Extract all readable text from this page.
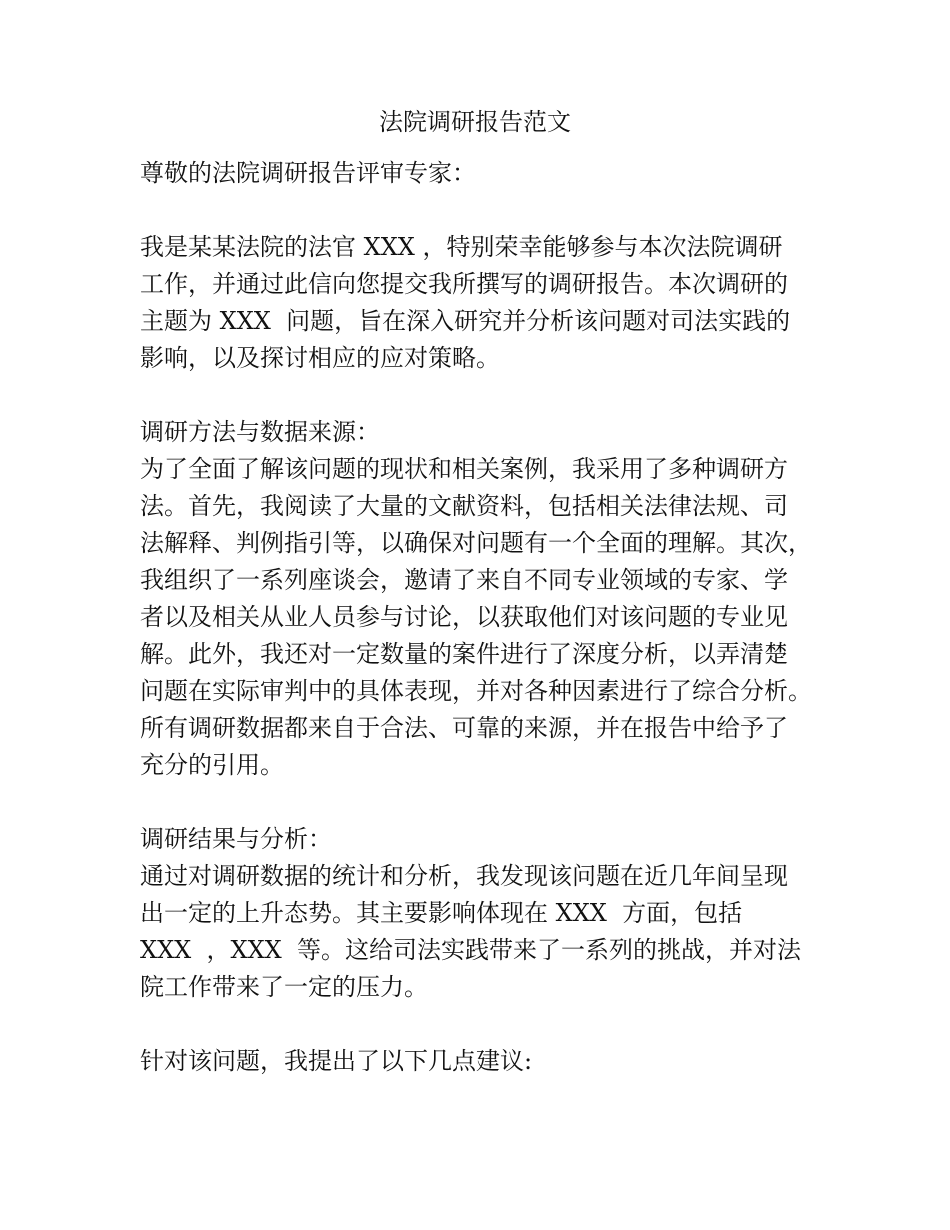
法院调研报告范文
尊敬的法院调研报告评审专家：
我是某某法院的法官 XXX ，特别荣幸能够参与本次法院调研
工作，并通过此信向您提交我所撰写的调研报告。本次调研的
主题为 XXX  问题，旨在深入研究并分析该问题对司法实践的
影响，以及探讨相应的应对策略。
调研方法与数据来源：
为了全面了解该问题的现状和相关案例，我采用了多种调研方
法。首先，我阅读了大量的文献资料，包括相关法律法规、司
法解释、判例指引等，以确保对问题有一个全面的理解。其次，
我组织了一系列座谈会，邀请了来自不同专业领域的专家、学
者以及相关从业人员参与讨论，以获取他们对该问题的专业见
解。此外，我还对一定数量的案件进行了深度分析，以弄清楚
问题在实际审判中的具体表现，并对各种因素进行了综合分析。
所有调研数据都来自于合法、可靠的来源，并在报告中给予了
充分的引用。
调研结果与分析：
通过对调研数据的统计和分析，我发现该问题在近几年间呈现
出一定的上升态势。其主要影响体现在 XXX  方面，包括
XXX  ，XXX  等。这给司法实践带来了一系列的挑战，并对法
院工作带来了一定的压力。
针对该问题，我提出了以下几点建议:
